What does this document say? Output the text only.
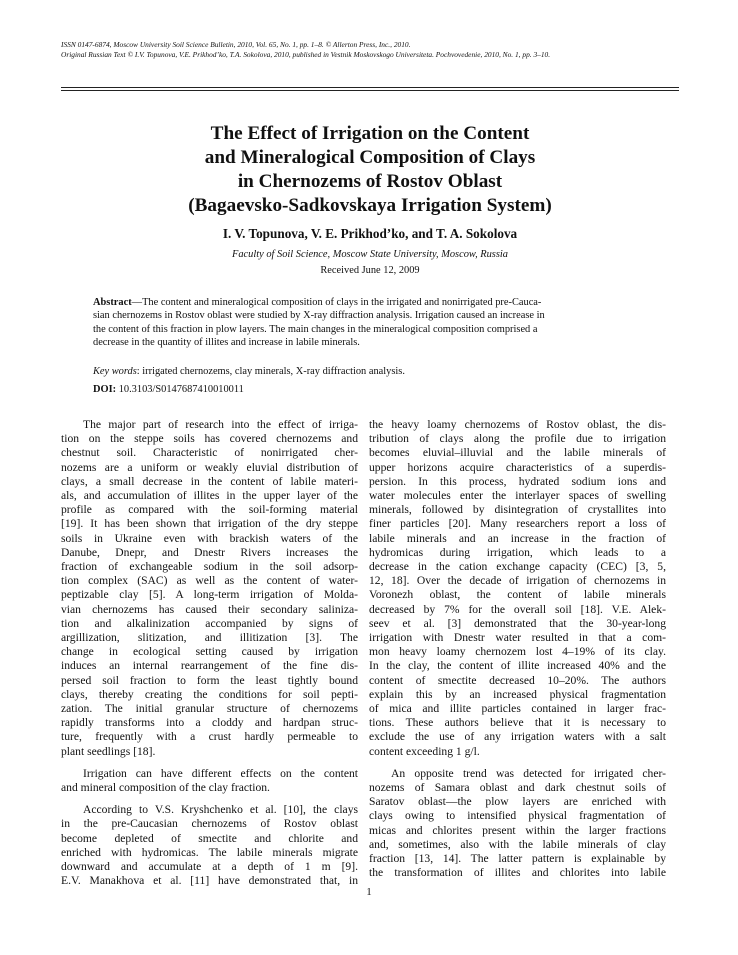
ISSN 0147-6874, Moscow University Soil Science Bulletin, 2010, Vol. 65, No. 1, pp. 1–8. © Allerton Press, Inc., 2010.
Original Russian Text © I.V. Topunova, V.E. Prikhod’ko, T.A. Sokolova, 2010, published in Vestnik Moskovskogo Universiteta. Pochvovedenie, 2010, No. 1, pp. 3–10.
The Effect of Irrigation on the Content
and Mineralogical Composition of Clays
in Chernozems of Rostov Oblast
(Bagaevsko-Sadkovskaya Irrigation System)
I. V. Topunova, V. E. Prikhod’ko, and T. A. Sokolova
Faculty of Soil Science, Moscow State University, Moscow, Russia
Received June 12, 2009
Abstract—The content and mineralogical composition of clays in the irrigated and nonirrigated pre-Cauca-
sian chernozems in Rostov oblast were studied by X-ray diffraction analysis. Irrigation caused an increase in
the content of this fraction in plow layers. The main changes in the mineralogical composition comprised a
decrease in the quantity of illites and increase in labile minerals.
Key words: irrigated chernozems, clay minerals, X-ray diffraction analysis.
DOI: 10.3103/S0147687410010011
The major part of research into the effect of irriga-
tion on the steppe soils has covered chernozems and
chestnut soil. Characteristic of nonirrigated cher-
nozems are a uniform or weakly eluvial distribution of
clays, a small decrease in the content of labile materi-
als, and accumulation of illites in the upper layer of the
profile as compared with the soil-forming material
[19]. It has been shown that irrigation of the dry steppe
soils in Ukraine even with brackish waters of the
Danube, Dnepr, and Dnestr Rivers increases the
fraction of exchangeable sodium in the soil adsorp-
tion complex (SAC) as well as the content of water-
peptizable clay [5]. A long-term irrigation of Molda-
vian chernozems has caused their secondary saliniza-
tion and alkalinization accompanied by signs of
argillization, slitization, and illitization [3]. The
change in ecological setting caused by irrigation
induces an internal rearrangement of the fine dis-
persed soil fraction to form the least tightly bound
clays, thereby creating the conditions for soil pepti-
zation. The initial granular structure of chernozems
rapidly transforms into a cloddy and hardpan struc-
ture, frequently with a crust hardly permeable to
plant seedlings [18].
Irrigation can have different effects on the content
and mineral composition of the clay fraction.
According to V.S. Kryshchenko et al. [10], the clays
in the pre-Caucasian chernozems of Rostov oblast
become depleted of smectite and chlorite and
enriched with hydromicas. The labile minerals migrate
downward and accumulate at a depth of 1 m [9].
E.V. Manakhova et al. [11] have demonstrated that, in
the heavy loamy chernozems of Rostov oblast, the dis-
tribution of clays along the profile due to irrigation
becomes eluvial–illuvial and the labile minerals of
upper horizons acquire characteristics of a superdis-
persion. In this process, hydrated sodium ions and
water molecules enter the interlayer spaces of swelling
minerals, followed by disintegration of crystallites into
finer particles [20]. Many researchers report a loss of
labile minerals and an increase in the fraction of
hydromicas during irrigation, which leads to a
decrease in the cation exchange capacity (CEC) [3, 5,
12, 18]. Over the decade of irrigation of chernozems in
Voronezh oblast, the content of labile minerals
decreased by 7% for the overall soil [18]. V.E. Alek-
seev et al. [3] demonstrated that the 30-year-long
irrigation with Dnestr water resulted in that a com-
mon heavy loamy chernozem lost 4–19% of its clay.
In the clay, the content of illite increased 40% and the
content of smectite decreased 10–20%. The authors
explain this by an increased physical fragmentation
of mica and illite particles contained in larger frac-
tions. These authors believe that it is necessary to
exclude the use of any irrigation waters with a salt
content exceeding 1 g/l.
An opposite trend was detected for irrigated cher-
nozems of Samara oblast and dark chestnut soils of
Saratov oblast—the plow layers are enriched with
clays owing to intensified physical fragmentation of
micas and chlorites present within the larger fractions
and, sometimes, also with the labile minerals of clay
fraction [13, 14]. The latter pattern is explainable by
the transformation of illites and chlorites into labile
1
